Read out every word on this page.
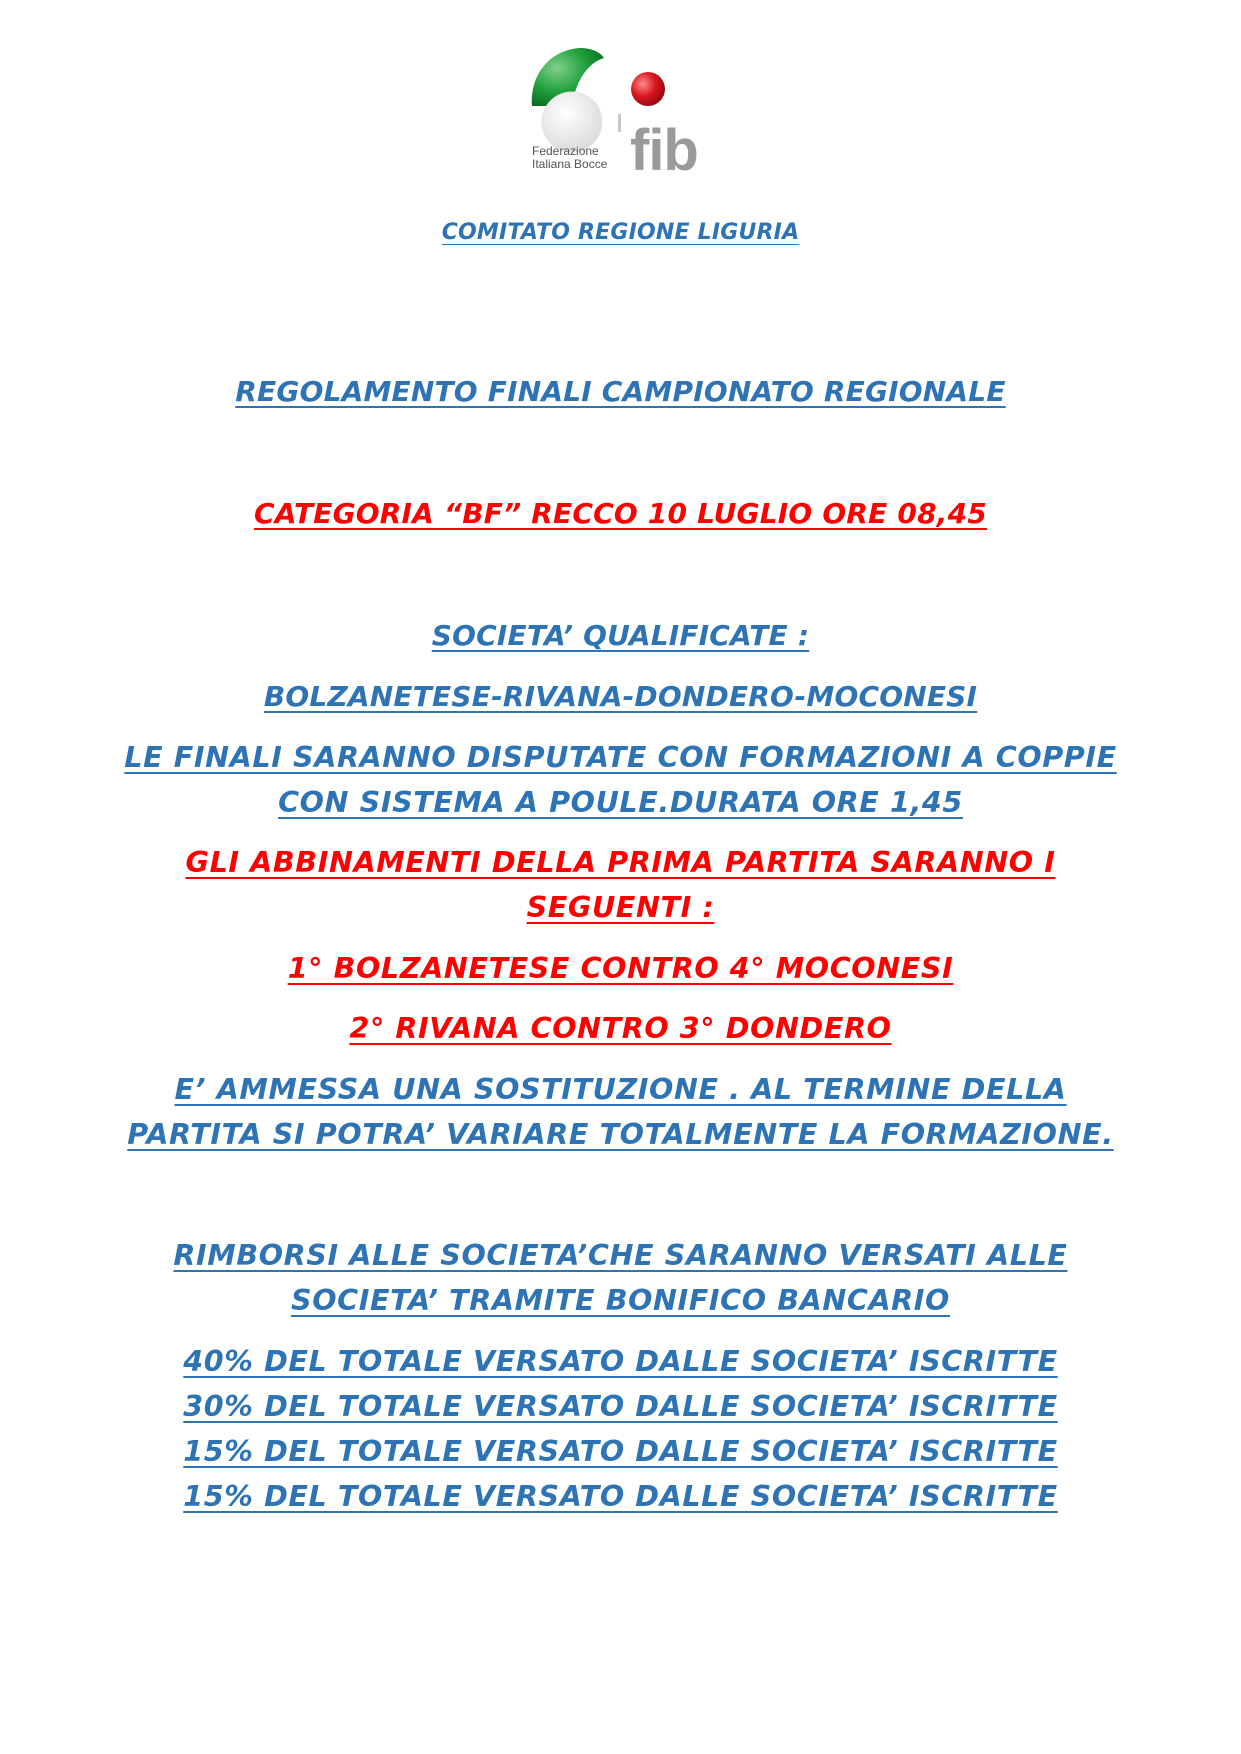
fib
Federazione
Italiana Bocce

COMITATO REGIONE LIGURIA

REGOLAMENTO FINALI CAMPIONATO REGIONALE

CATEGORIA “BF” RECCO 10 LUGLIO ORE 08,45

SOCIETA’ QUALIFICATE :

BOLZANETESE-RIVANA-DONDERO-MOCONESI

LE FINALI SARANNO DISPUTATE CON FORMAZIONI A COPPIE

CON SISTEMA A POULE.DURATA ORE 1,45

GLI ABBINAMENTI DELLA PRIMA PARTITA SARANNO I

SEGUENTI :

1° BOLZANETESE CONTRO 4° MOCONESI

2° RIVANA CONTRO 3° DONDERO

E’ AMMESSA UNA SOSTITUZIONE . AL TERMINE DELLA

PARTITA SI POTRA’ VARIARE TOTALMENTE LA FORMAZIONE.

RIMBORSI ALLE SOCIETA’CHE SARANNO VERSATI ALLE

SOCIETA’ TRAMITE BONIFICO BANCARIO

40% DEL TOTALE VERSATO DALLE SOCIETA’ ISCRITTE

30% DEL TOTALE VERSATO DALLE SOCIETA’ ISCRITTE

15% DEL TOTALE VERSATO DALLE SOCIETA’ ISCRITTE

15% DEL TOTALE VERSATO DALLE SOCIETA’ ISCRITTE
